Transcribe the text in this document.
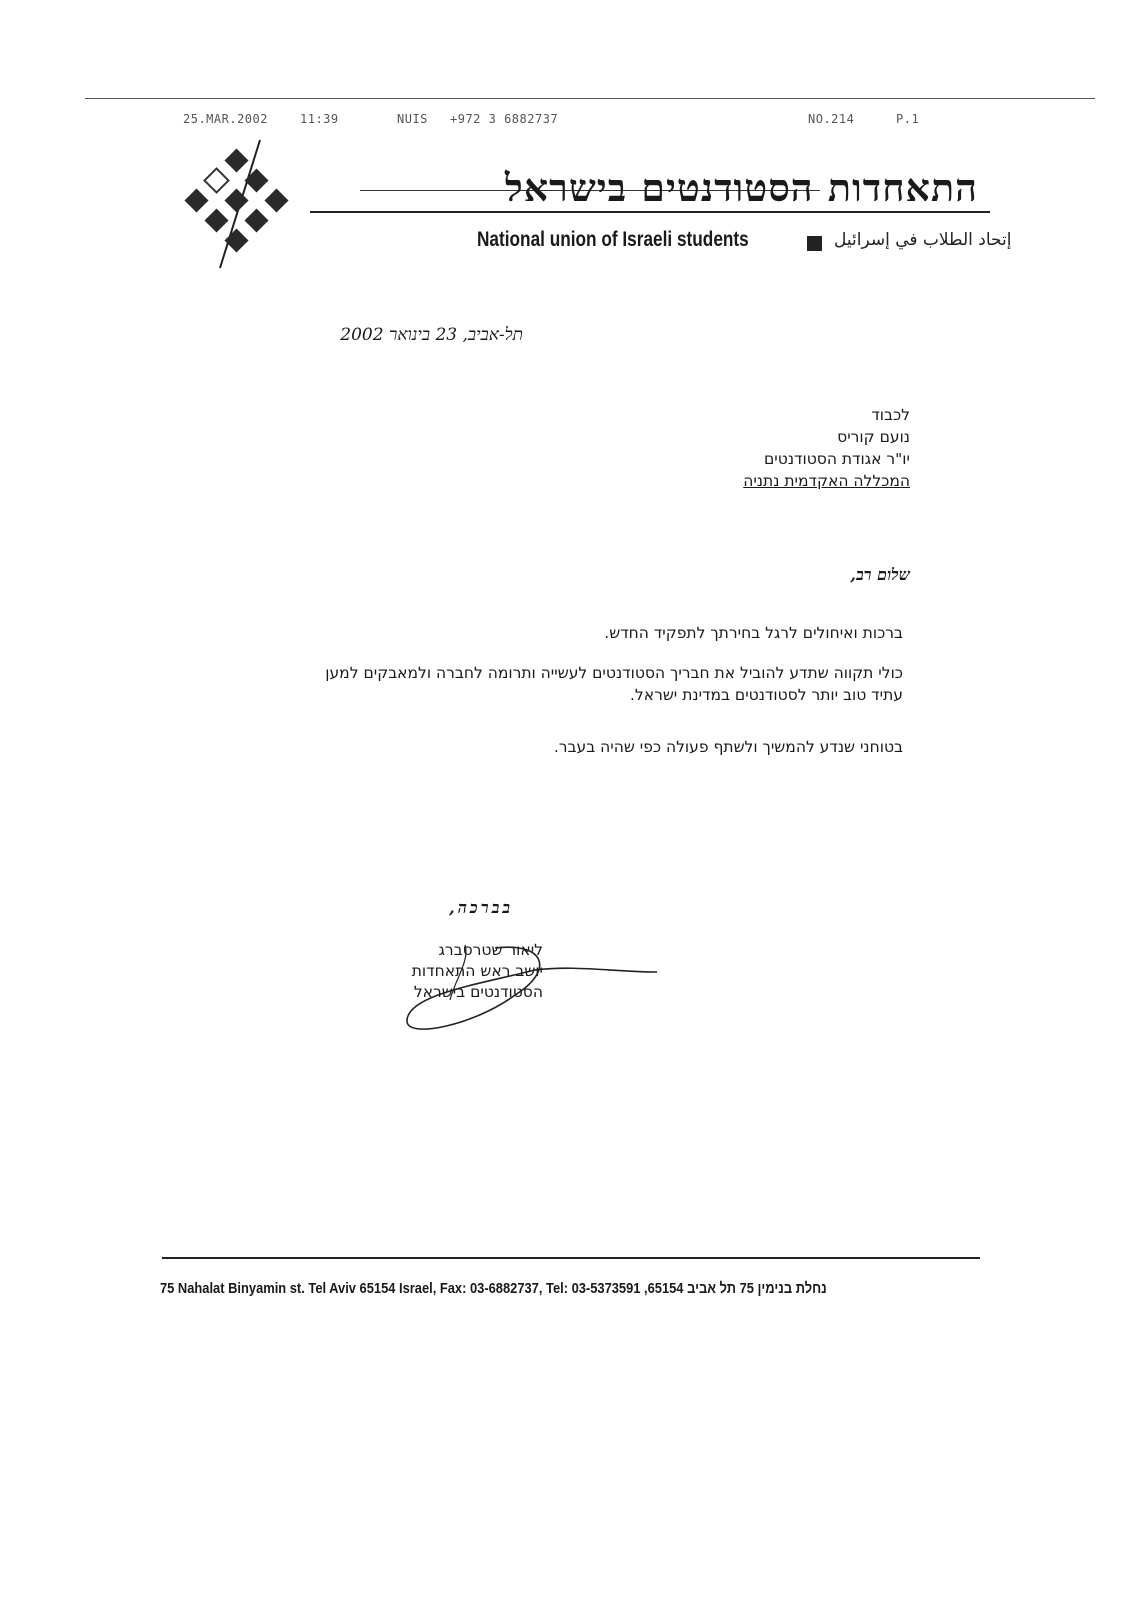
25.MAR.2002	11:39	NUIS +972 3 6882737	NO.214	P.1
התאחדות הסטודנטים בישראל
National union of Israeli students	إتحاد الطلاب في إسرائيل
תל-אביב, 23 בינואר 2002
לכבוד
נועם קוריס
יו"ר אגודת הסטודנטים
המכללה האקדמית נתניה
שלום רב,
ברכות ואיחולים לרגל בחירתך לתפקיד החדש.
כולי תקווה שתדע להוביל את חבריך הסטודנטים לעשייה ותרומה לחברה ולמאבקים למען עתיד טוב יותר לסטודנטים במדינת ישראל.
בטוחני שנדע להמשיך ולשתף פעולה כפי שהיה בעבר.
בברכה,
ליאור שטרסברג
יושב ראש התאחדות
הסטודנטים בישראל
75 Nahalat Binyamin st. Tel Aviv 65154 Israel, Fax: 03-6882737, Tel: 03-5373591 ,65154 נחלת בנימין 75 תל אביב
